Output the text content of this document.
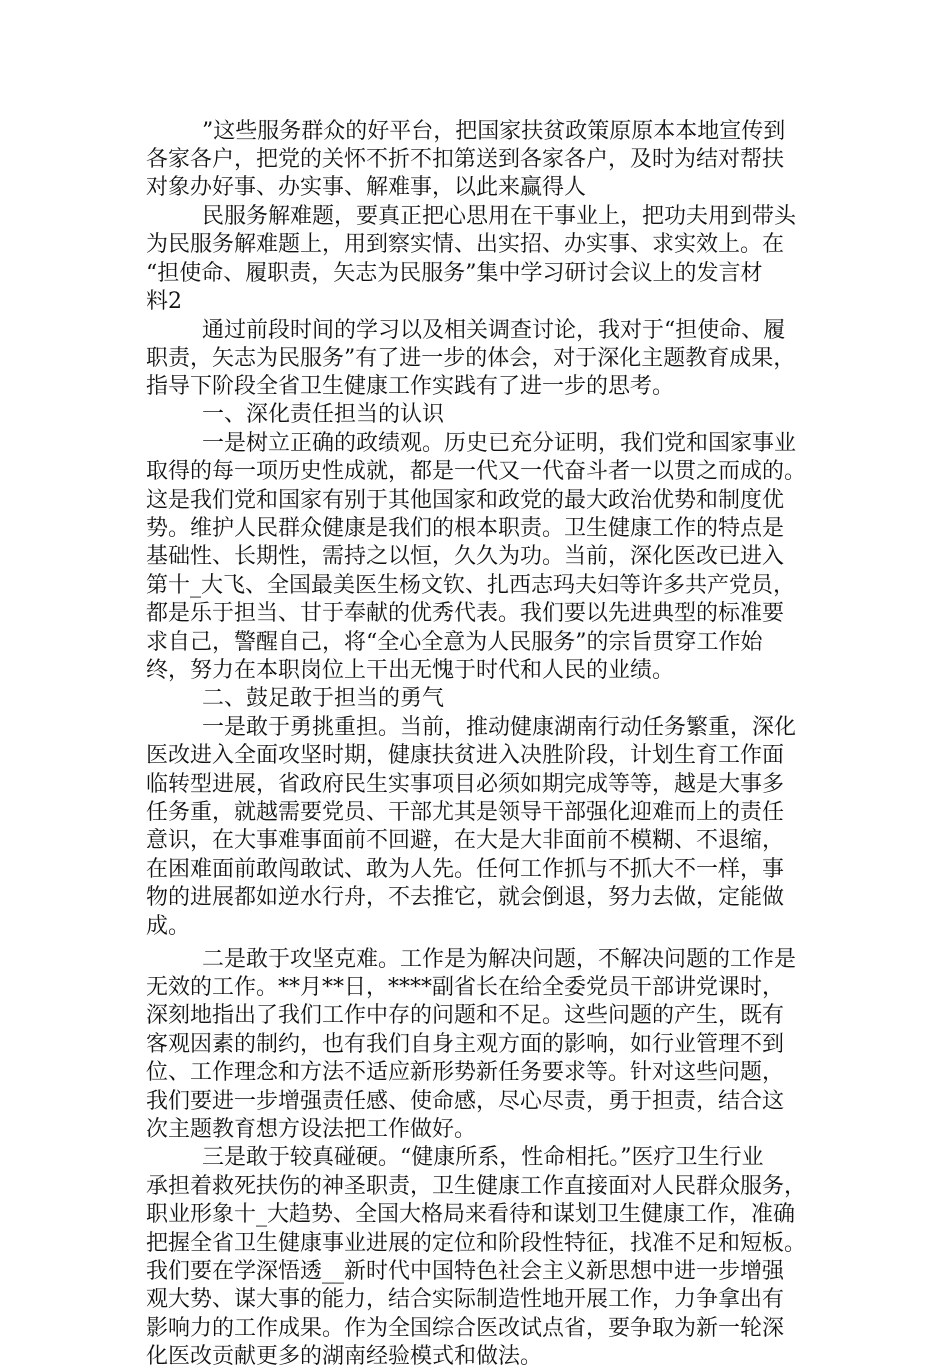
”这些服务群众的好平台，把国家扶贫政策原原本本地宣传到
各家各户，把党的关怀不折不扣第送到各家各户，及时为结对帮扶
对象办好事、办实事、解难事，以此来赢得人
民服务解难题，要真正把心思用在干事业上，把功夫用到带头
为民服务解难题上，用到察实情、出实招、办实事、求实效上。在
“担使命、履职责，矢志为民服务”集中学习研讨会议上的发言材
料2
通过前段时间的学习以及相关调查讨论，我对于“担使命、履
职责，矢志为民服务”有了进一步的体会，对于深化主题教育成果，
指导下阶段全省卫生健康工作实践有了进一步的思考。
一、深化责任担当的认识
一是树立正确的政绩观。历史已充分证明，我们党和国家事业
取得的每一项历史性成就，都是一代又一代奋斗者一以贯之而成的。
这是我们党和国家有别于其他国家和政党的最大政治优势和制度优
势。维护人民群众健康是我们的根本职责。卫生健康工作的特点是
基础性、长期性，需持之以恒，久久为功。当前，深化医改已进入
第十_大飞、全国最美医生杨文钦、扎西志玛夫妇等许多共产党员，
都是乐于担当、甘于奉献的优秀代表。我们要以先进典型的标准要
求自己，警醒自己，将“全心全意为人民服务”的宗旨贯穿工作始
终，努力在本职岗位上干出无愧于时代和人民的业绩。
二、鼓足敢于担当的勇气
一是敢于勇挑重担。当前，推动健康湖南行动任务繁重，深化
医改进入全面攻坚时期，健康扶贫进入决胜阶段，计划生育工作面
临转型进展，省政府民生实事项目必须如期完成等等，越是大事多
任务重，就越需要党员、干部尤其是领导干部强化迎难而上的责任
意识，在大事难事面前不回避，在大是大非面前不模糊、不退缩，
在困难面前敢闯敢试、敢为人先。任何工作抓与不抓大不一样，事
物的进展都如逆水行舟，不去推它，就会倒退，努力去做，定能做
成。
二是敢于攻坚克难。工作是为解决问题，不解决问题的工作是
无效的工作。**月**日，****副省长在给全委党员干部讲党课时，
深刻地指出了我们工作中存的问题和不足。这些问题的产生，既有
客观因素的制约，也有我们自身主观方面的影响，如行业管理不到
位、工作理念和方法不适应新形势新任务要求等。针对这些问题，
我们要进一步增强责任感、使命感，尽心尽责，勇于担责，结合这
次主题教育想方设法把工作做好。
三是敢于较真碰硬。“健康所系，性命相托。”医疗卫生行业
承担着救死扶伤的神圣职责，卫生健康工作直接面对人民群众服务，
职业形象十_大趋势、全国大格局来看待和谋划卫生健康工作，准确
把握全省卫生健康事业进展的定位和阶段性特征，找准不足和短板。
我们要在学深悟透__新时代中国特色社会主义新思想中进一步增强
观大势、谋大事的能力，结合实际制造性地开展工作，力争拿出有
影响力的工作成果。作为全国综合医改试点省，要争取为新一轮深
化医改贡献更多的湖南经验模式和做法。
